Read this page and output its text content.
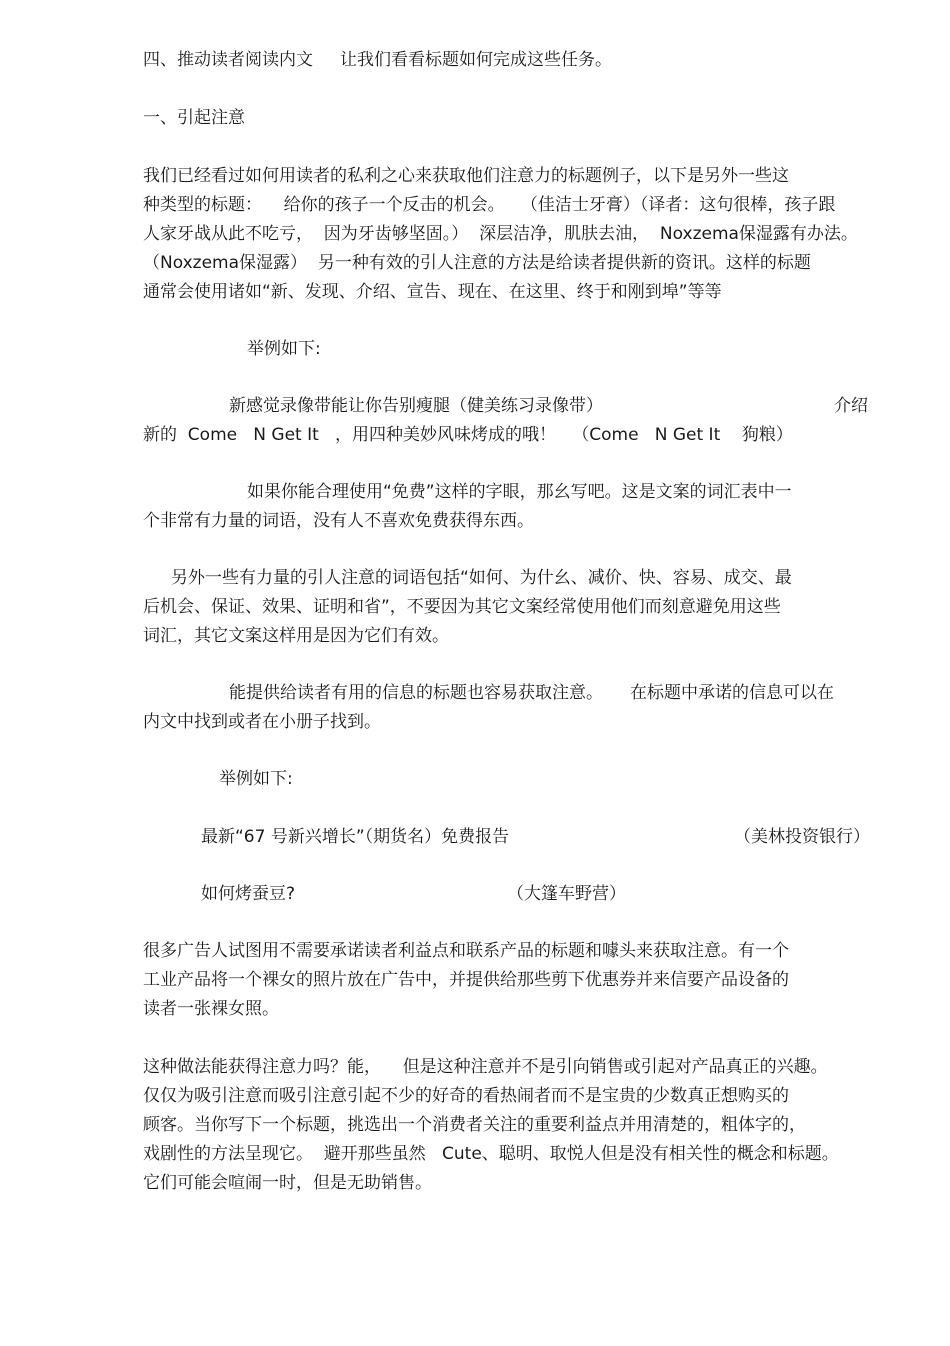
四、推动读者阅读内文     让我们看看标题如何完成这些任务。
一、引起注意
我们已经看过如何用读者的私利之心来获取他们注意力的标题例子，以下是另外一些这
种类型的标题：    给你的孩子一个反击的机会。   （佳洁士牙膏）（译者：这句很棒，孩子跟
人家牙战从此不吃亏，  因为牙齿够坚固。）  深层洁净，肌肤去油，  Noxzema保湿露有办法。
（Noxzema保湿露）  另一种有效的引人注意的方法是给读者提供新的资讯。这样的标题
通常会使用诸如“新、发现、介绍、宣告、现在、在这里、终于和刚到埠”等等
举例如下:
新感觉录像带能让你告别瘦腿（健美练习录像带）	介绍
新的  Come   N Get It   ，用四种美妙风味烤成的哦！   （Come   N Get It    狗粮）
如果你能合理使用“免费”这样的字眼，那幺写吧。这是文案的词汇表中一
个非常有力量的词语，没有人不喜欢免费获得东西。
另外一些有力量的引人注意的词语包括“如何、为什幺、减价、快、容易、成交、最
后机会、保证、效果、证明和省”，不要因为其它文案经常使用他们而刻意避免用这些
词汇，其它文案这样用是因为它们有效。
能提供给读者有用的信息的标题也容易获取注意。     在标题中承诺的信息可以在
内文中找到或者在小册子找到。
举例如下:
最新“67 号新兴增长”（期货名）免费报告	（美林投资银行）
如何烤蚕豆?	（大篷车野营）
很多广告人试图用不需要承诺读者利益点和联系产品的标题和噱头来获取注意。有一个
工业产品将一个裸女的照片放在广告中，并提供给那些剪下优惠券并来信要产品设备的
读者一张裸女照。
这种做法能获得注意力吗？能，    但是这种注意并不是引向销售或引起对产品真正的兴趣。
仅仅为吸引注意而吸引注意引起不少的好奇的看热闹者而不是宝贵的少数真正想购买的
顾客。当你写下一个标题，挑选出一个消费者关注的重要利益点并用清楚的，粗体字的，
戏剧性的方法呈现它。  避开那些虽然   Cute、聪明、取悦人但是没有相关性的概念和标题。
它们可能会喧闹一时，但是无助销售。
